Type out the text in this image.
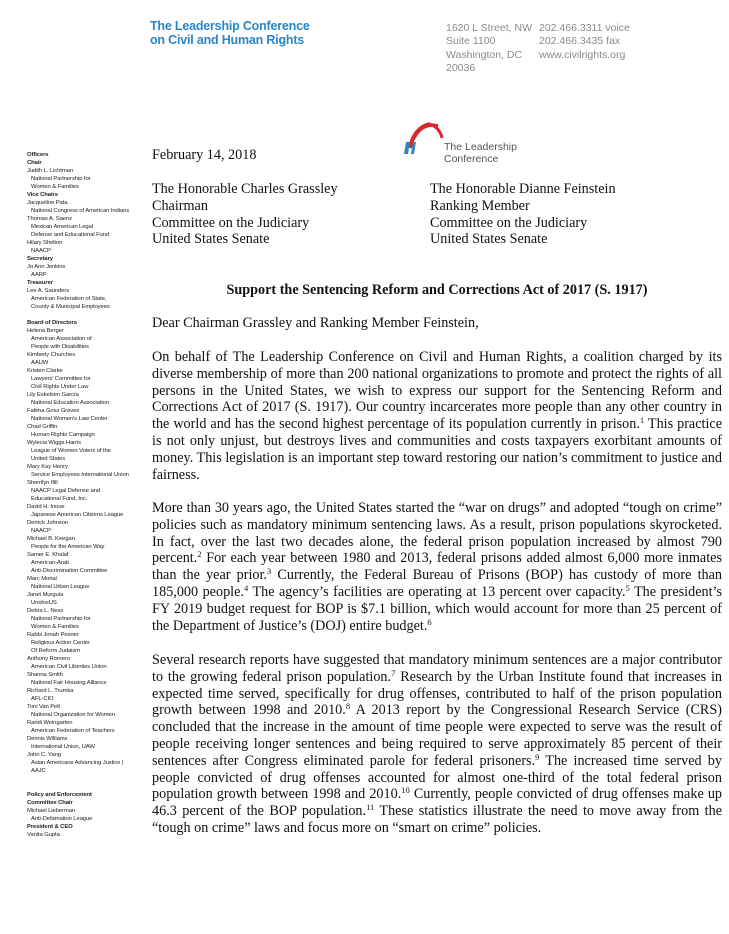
The Leadership Conference
on Civil and Human Rights
1620 L Street, NW
Suite 1100
Washington, DC
20036
202.466.3311 voice
202.466.3435 fax
www.civilrights.org
The Leadership
Conference
Officers
Chair
Judith L. Lichtman
National Partnership for
Women & Families
Vice Chairs
Jacqueline Pata
National Congress of American Indians
Thomas A. Saenz
Mexican American Legal
Defense and Educational Fund
Hilary Shelton
NAACP
Secretary
Jo Ann Jenkins
AARP
Treasurer
Lee A. Saunders
American Federation of State,
County & Municipal Employees
Board of Directors
Helena Berger
American Association of
People with Disabilities
Kimberly Churches
AAUW
Kristen Clarke
Lawyers' Committee for
Civil Rights Under Law
Lily Eskelsen García
National Education Association
Fatima Goss Graves
National Women's Law Center
Chad Griffin
Human Rights Campaign
Wylecia Wiggs Harris
League of Women Voters of the
United States
Mary Kay Henry
Service Employees International Union
Sherrilyn Ifill
NAACP Legal Defense and
Educational Fund, Inc.
David H. Inoue
Japanese American Citizens League
Derrick Johnson
NAACP
Michael B. Keegan
People for the American Way
Samer E. Khalaf
American-Arab
Anti-Discrimination Committee
Marc Morial
National Urban League
Janet Murguía
UnidosUS
Debra L. Ness
National Partnership for
Women & Families
Rabbi Jonah Pesner
Religious Action Center
Of Reform Judaism
Anthony Romero
American Civil Liberties Union
Shanna Smith
National Fair Housing Alliance
Richard L. Trumka
AFL-CIO
Toni Van Pelt
National Organization for Women
Randi Weingarten
American Federation of Teachers
Dennis Williams
International Union, UAW
John C. Yang
Asian Americans Advancing Justice |
AAJC
Policy and Enforcement
Committee Chair
Michael Lieberman
Anti-Defamation League
President & CEO
Vanita Gupta
February 14, 2018
The Honorable Charles Grassley
Chairman
Committee on the Judiciary
United States Senate
The Honorable Dianne Feinstein
Ranking Member
Committee on the Judiciary
United States Senate
Support the Sentencing Reform and Corrections Act of 2017 (S. 1917)
Dear Chairman Grassley and Ranking Member Feinstein,
On behalf of The Leadership Conference on Civil and Human Rights, a coalition charged by its diverse membership of more than 200 national organizations to promote and protect the rights of all persons in the United States, we wish to express our support for the Sentencing Reform and Corrections Act of 2017 (S. 1917). Our country incarcerates more people than any other country in the world and has the second highest percentage of its population currently in prison.$^1$ This practice is not only unjust, but destroys lives and communities and costs taxpayers exorbitant amounts of money. This legislation is an important step toward restoring our nation’s commitment to justice and fairness.
More than 30 years ago, the United States started the “war on drugs” and adopted “tough on crime” policies such as mandatory minimum sentencing laws. As a result, prison populations skyrocketed. In fact, over the last two decades alone, the federal prison population increased by almost 790 percent.$^2$ For each year between 1980 and 2013, federal prisons added almost 6,000 more inmates than the year prior.$^3$ Currently, the Federal Bureau of Prisons (BOP) has custody of more than 185,000 people.$^4$ The agency’s facilities are operating at 13 percent over capacity.$^5$ The president’s FY 2019 budget request for BOP is $7.1 billion, which would account for more than 25 percent of the Department of Justice’s (DOJ) entire budget.$^6$
Several research reports have suggested that mandatory minimum sentences are a major contributor to the growing federal prison population.$^7$ Research by the Urban Institute found that increases in expected time served, specifically for drug offenses, contributed to half of the prison population growth between 1998 and 2010.$^8$ A 2013 report by the Congressional Research Service (CRS) concluded that the increase in the amount of time people were expected to serve was the result of people receiving longer sentences and being required to serve approximately 85 percent of their sentences after Congress eliminated parole for federal prisoners.$^9$ The increased time served by people convicted of drug offenses accounted for almost one-third of the total federal prison population growth between 1998 and 2010.10 Currently, people convicted of drug offenses make up 46.3 percent of the BOP population.$^{11}$ These statistics illustrate the need to move away from the “tough on crime” laws and focus more on “smart on crime” policies.
